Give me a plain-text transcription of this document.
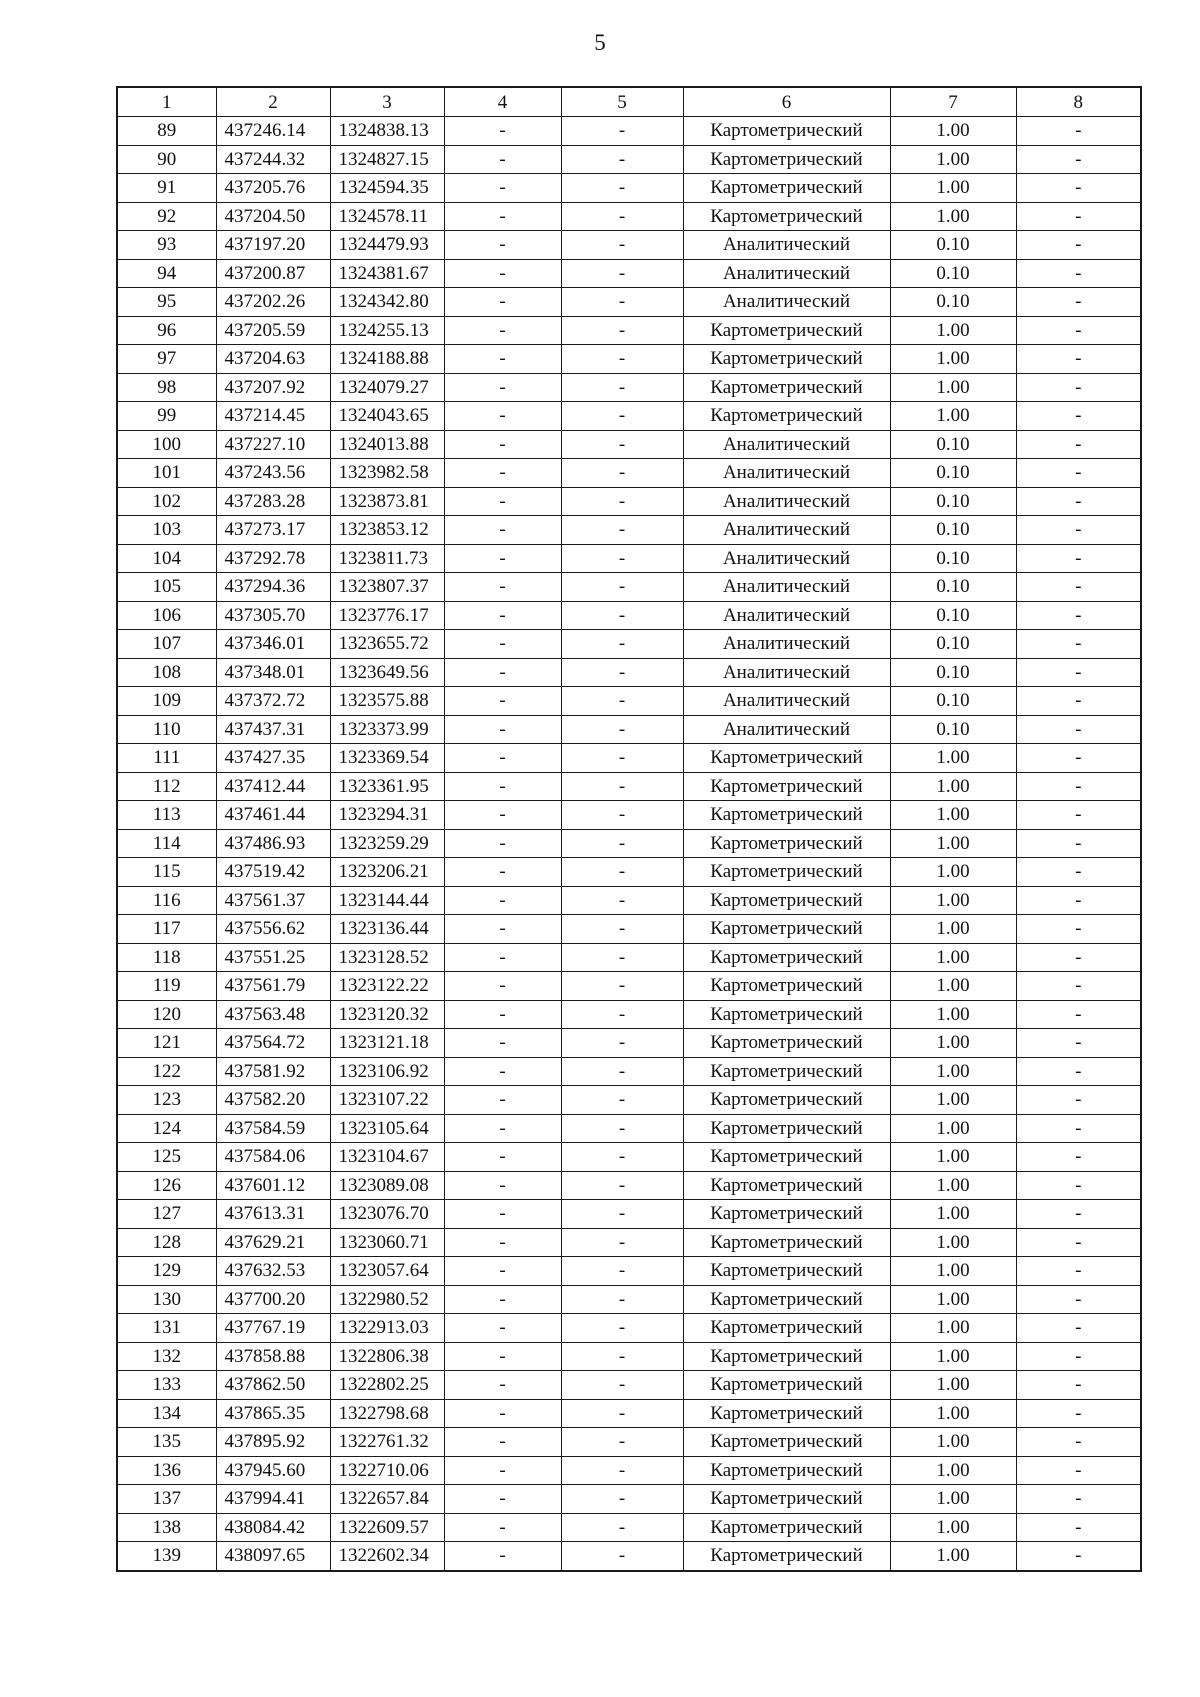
5
1	2	3	4	5	6	7	8
89	437246.14	1324838.13	-	-	Картометрический	1.00	-
90	437244.32	1324827.15	-	-	Картометрический	1.00	-
91	437205.76	1324594.35	-	-	Картометрический	1.00	-
92	437204.50	1324578.11	-	-	Картометрический	1.00	-
93	437197.20	1324479.93	-	-	Аналитический	0.10	-
94	437200.87	1324381.67	-	-	Аналитический	0.10	-
95	437202.26	1324342.80	-	-	Аналитический	0.10	-
96	437205.59	1324255.13	-	-	Картометрический	1.00	-
97	437204.63	1324188.88	-	-	Картометрический	1.00	-
98	437207.92	1324079.27	-	-	Картометрический	1.00	-
99	437214.45	1324043.65	-	-	Картометрический	1.00	-
100	437227.10	1324013.88	-	-	Аналитический	0.10	-
101	437243.56	1323982.58	-	-	Аналитический	0.10	-
102	437283.28	1323873.81	-	-	Аналитический	0.10	-
103	437273.17	1323853.12	-	-	Аналитический	0.10	-
104	437292.78	1323811.73	-	-	Аналитический	0.10	-
105	437294.36	1323807.37	-	-	Аналитический	0.10	-
106	437305.70	1323776.17	-	-	Аналитический	0.10	-
107	437346.01	1323655.72	-	-	Аналитический	0.10	-
108	437348.01	1323649.56	-	-	Аналитический	0.10	-
109	437372.72	1323575.88	-	-	Аналитический	0.10	-
110	437437.31	1323373.99	-	-	Аналитический	0.10	-
111	437427.35	1323369.54	-	-	Картометрический	1.00	-
112	437412.44	1323361.95	-	-	Картометрический	1.00	-
113	437461.44	1323294.31	-	-	Картометрический	1.00	-
114	437486.93	1323259.29	-	-	Картометрический	1.00	-
115	437519.42	1323206.21	-	-	Картометрический	1.00	-
116	437561.37	1323144.44	-	-	Картометрический	1.00	-
117	437556.62	1323136.44	-	-	Картометрический	1.00	-
118	437551.25	1323128.52	-	-	Картометрический	1.00	-
119	437561.79	1323122.22	-	-	Картометрический	1.00	-
120	437563.48	1323120.32	-	-	Картометрический	1.00	-
121	437564.72	1323121.18	-	-	Картометрический	1.00	-
122	437581.92	1323106.92	-	-	Картометрический	1.00	-
123	437582.20	1323107.22	-	-	Картометрический	1.00	-
124	437584.59	1323105.64	-	-	Картометрический	1.00	-
125	437584.06	1323104.67	-	-	Картометрический	1.00	-
126	437601.12	1323089.08	-	-	Картометрический	1.00	-
127	437613.31	1323076.70	-	-	Картометрический	1.00	-
128	437629.21	1323060.71	-	-	Картометрический	1.00	-
129	437632.53	1323057.64	-	-	Картометрический	1.00	-
130	437700.20	1322980.52	-	-	Картометрический	1.00	-
131	437767.19	1322913.03	-	-	Картометрический	1.00	-
132	437858.88	1322806.38	-	-	Картометрический	1.00	-
133	437862.50	1322802.25	-	-	Картометрический	1.00	-
134	437865.35	1322798.68	-	-	Картометрический	1.00	-
135	437895.92	1322761.32	-	-	Картометрический	1.00	-
136	437945.60	1322710.06	-	-	Картометрический	1.00	-
137	437994.41	1322657.84	-	-	Картометрический	1.00	-
138	438084.42	1322609.57	-	-	Картометрический	1.00	-
139	438097.65	1322602.34	-	-	Картометрический	1.00	-
